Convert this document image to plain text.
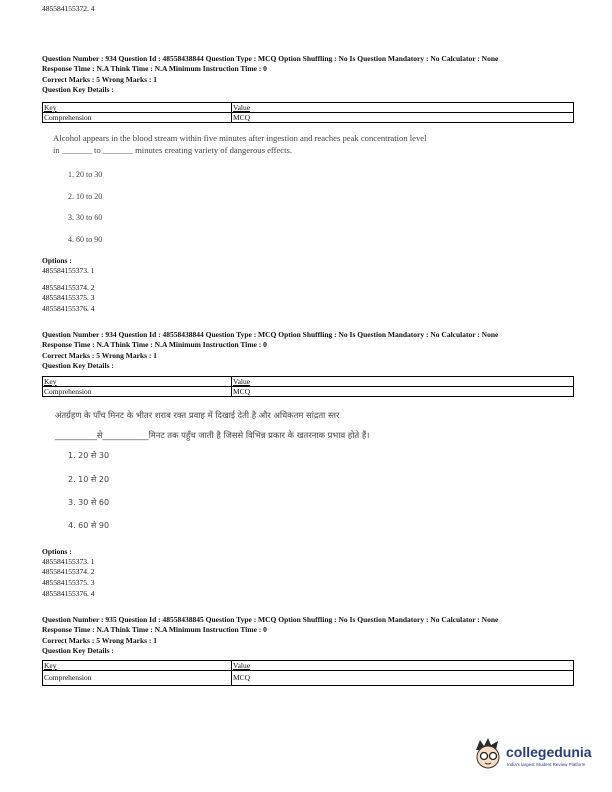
485584155372. 4
Question Number : 934 Question Id : 48558438844 Question Type : MCQ Option Shuffling : No Is Question Mandatory : No Calculator : None
Response Time : N.A Think Time : N.A Minimum Instruction Time : 0
Correct Marks : 5 Wrong Marks : 1
Question Key Details :
Key	Value
Comprehension	MCQ
Alcohol appears in the blood stream within five minutes after ingestion and reaches peak concentration level
in _______ to _______ minutes creating variety of dangerous effects.
1. 20 to 30
2. 10 to 20
3. 30 to 60
4. 60 to 90
Options :
485584155373. 1
485584155374. 2
485584155375. 3
485584155376. 4
Question Number : 934 Question Id : 48558438844 Question Type : MCQ Option Shuffling : No Is Question Mandatory : No Calculator : None
Response Time : N.A Think Time : N.A Minimum Instruction Time : 0
Correct Marks : 5 Wrong Marks : 1
Question Key Details :
Key	Value
Comprehension	MCQ
अंतर्ग्रहण के पाँच मिनट के भीतर शराब रक्त प्रवाह में दिखाई देती है और अधिकतम सांद्रता स्तर
__________से___________मिनट तक पहुँच जाती है जिससे विभिन्न प्रकार के खतरनाक प्रभाव होते हैं।
1. 20 से 30
2. 10 से 20
3. 30 से 60
4. 60 से 90
Options :
485584155373. 1
485584155374. 2
485584155375. 3
485584155376. 4
Question Number : 935 Question Id : 48558438845 Question Type : MCQ Option Shuffling : No Is Question Mandatory : No Calculator : None
Response Time : N.A Think Time : N.A Minimum Instruction Time : 0
Correct Marks : 5 Wrong Marks : 1
Question Key Details :
Key	Value
Comprehension	MCQ
collegedunia
India's largest Student Review Platform
